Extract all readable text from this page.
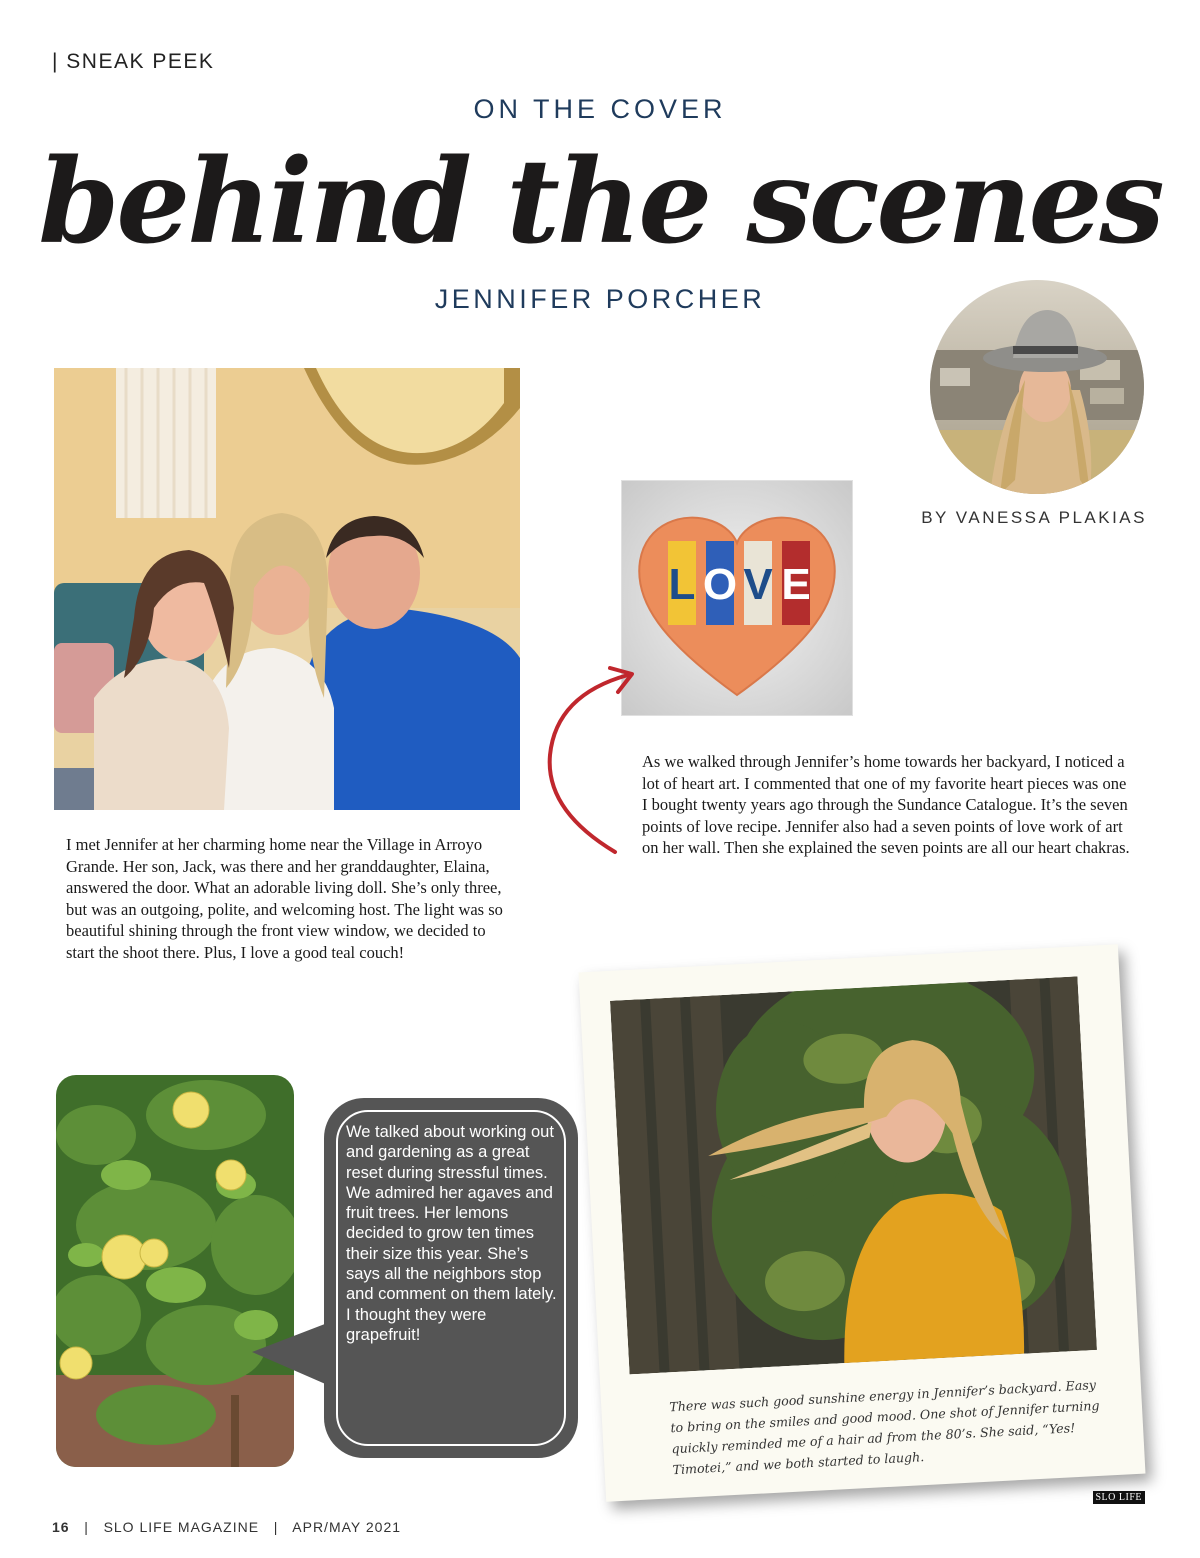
| SNEAK PEEK
ON THE COVER
behind the scenes
JENNIFER PORCHER
BY VANESSA PLAKIAS
L O V E
As we walked through Jennifer’s home towards her backyard, I noticed a lot of heart art. I commented that one of my favorite heart pieces was one I bought twenty years ago through the Sundance Catalogue. It’s the seven points of love recipe. Jennifer also had a seven points of love work of art on her wall. Then she explained the seven points are all our heart chakras.
I met Jennifer at her charming home near the Village in Arroyo Grande. Her son, Jack, was there and her granddaughter, Elaina, answered the door. What an adorable living doll. She’s only three, but was an outgoing, polite, and welcoming host. The light was so beautiful shining through the front view window, we decided to start the shoot there. Plus, I love a good teal couch!
We talked about working out and gardening as a great reset during stressful times. We admired her agaves and fruit trees. Her lemons decided to grow ten times their size this year. She’s says all the neighbors stop and comment on them lately. I thought they were grapefruit!
There was such good sunshine energy in Jennifer’s backyard. Easy to bring on the smiles and good mood. One shot of Jennifer turning quickly reminded me of a hair ad from the 80’s. She said, “Yes! Timotei,” and we both started to laugh.
SLO LIFE
16   |   SLO LIFE MAGAZINE   |   APR/MAY 2021
